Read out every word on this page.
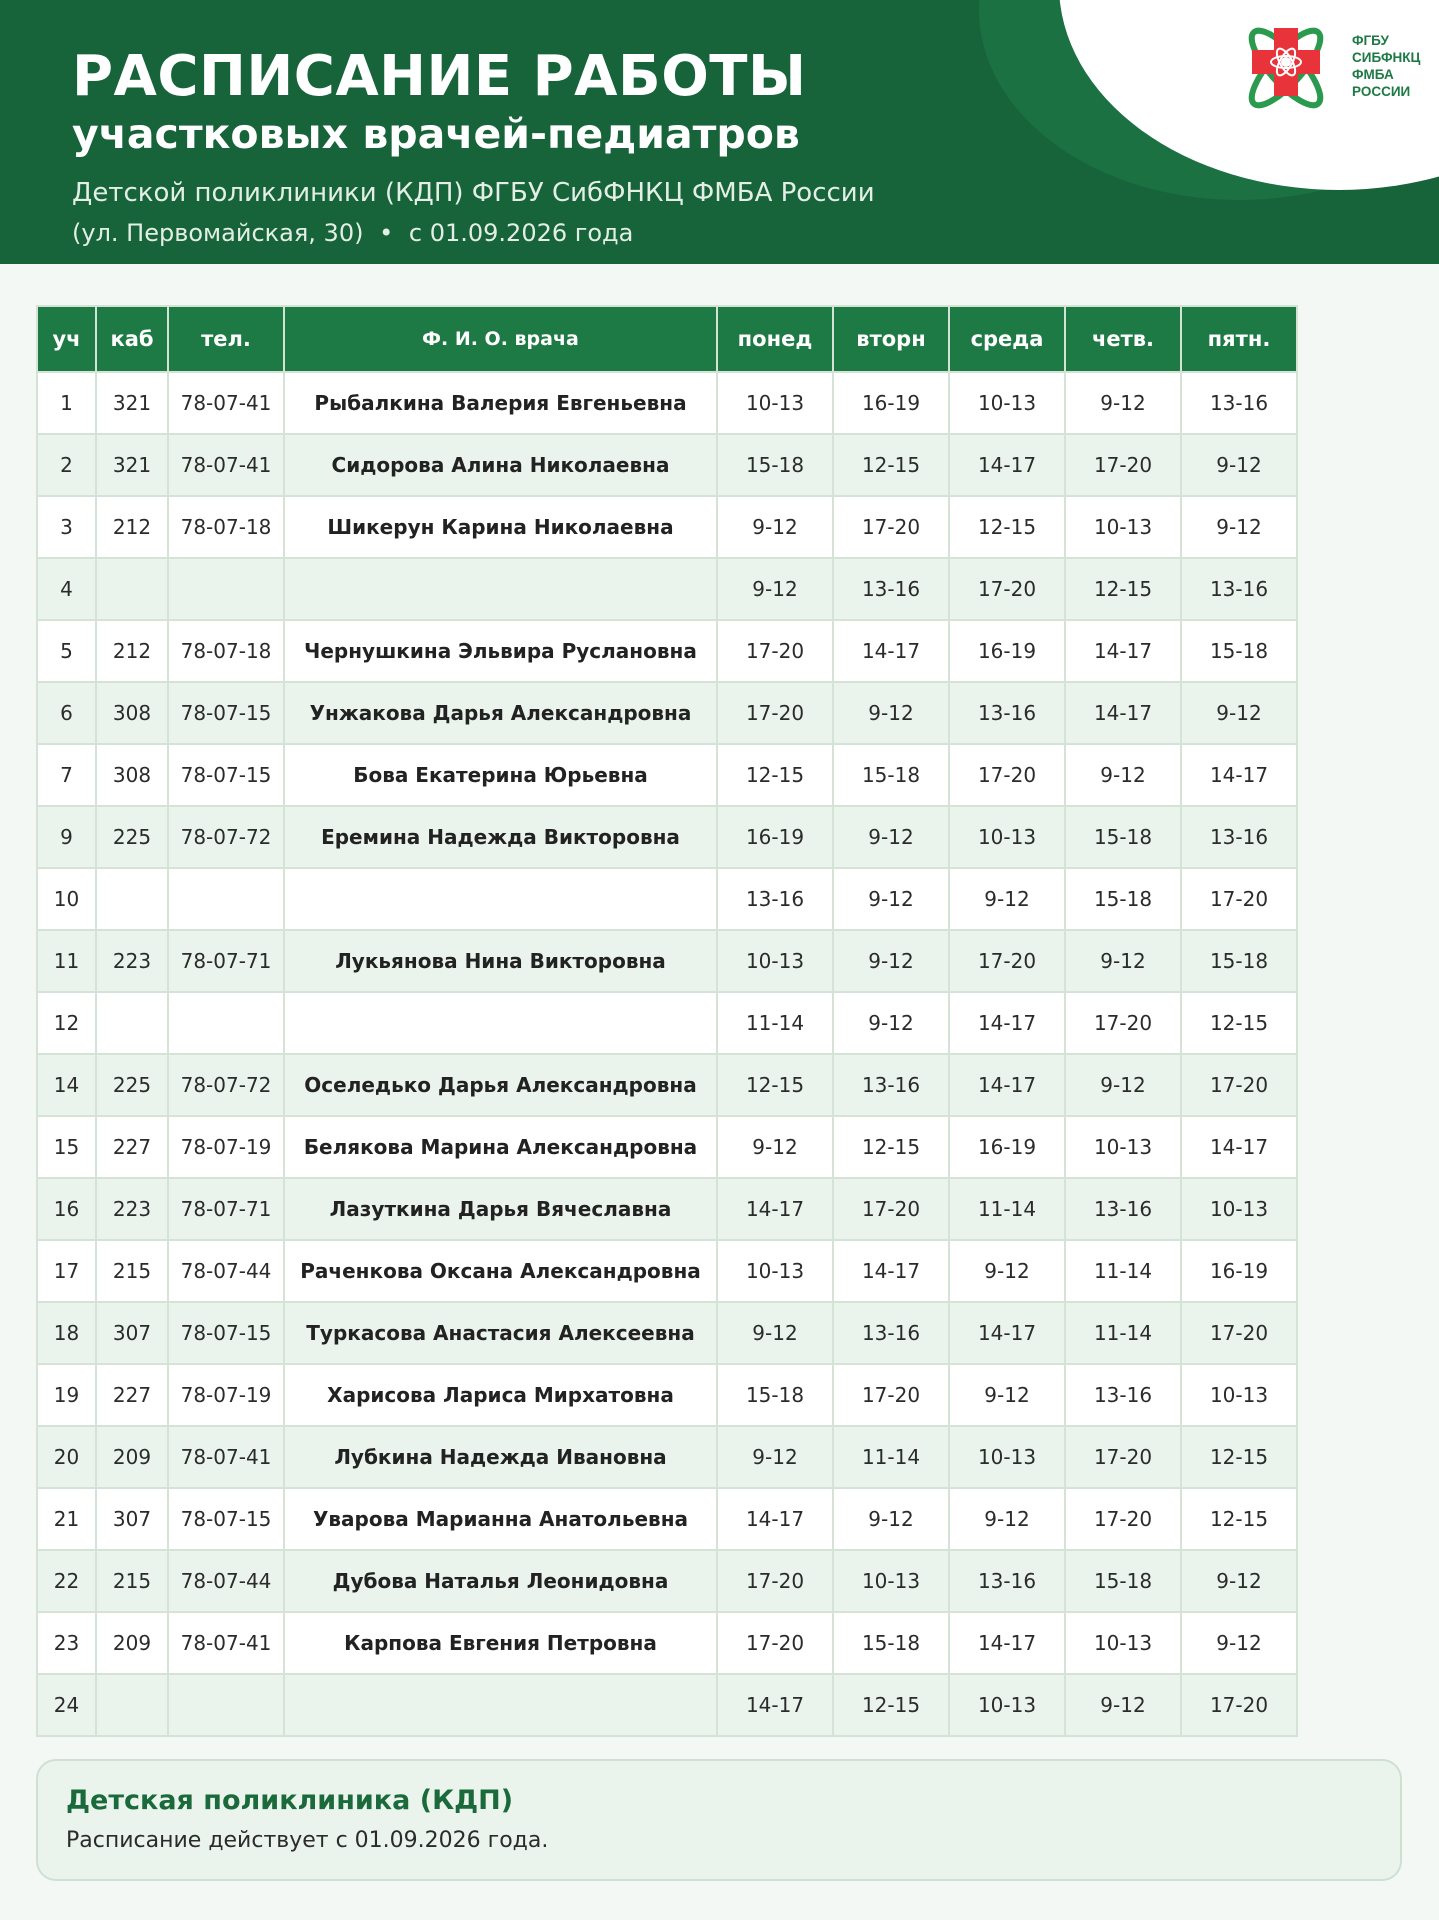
РАСПИСАНИЕ РАБОТЫ
участковых врачей-педиатров
Детской поликлиники (КДП) ФГБУ СибФНКЦ ФМБА России
(ул. Первомайская, 30) • с 01.09.2026 года
ФГБУ
СИБФНКЦ
ФМБА
РОССИИ
уч	каб	тел.	Ф. И. О. врача	понед	вторн	среда	четв.	пятн.
1	321	78-07-41	Рыбалкина Валерия Евгеньевна	10-13	16-19	10-13	9-12	13-16
2	321	78-07-41	Сидорова Алина Николаевна	15-18	12-15	14-17	17-20	9-12
3	212	78-07-18	Шикерун Карина Николаевна	9-12	17-20	12-15	10-13	9-12
4				9-12	13-16	17-20	12-15	13-16
5	212	78-07-18	Чернушкина Эльвира Руслановна	17-20	14-17	16-19	14-17	15-18
6	308	78-07-15	Унжакова Дарья Александровна	17-20	9-12	13-16	14-17	9-12
7	308	78-07-15	Бова Екатерина Юрьевна	12-15	15-18	17-20	9-12	14-17
9	225	78-07-72	Еремина Надежда Викторовна	16-19	9-12	10-13	15-18	13-16
10				13-16	9-12	9-12	15-18	17-20
11	223	78-07-71	Лукьянова Нина Викторовна	10-13	9-12	17-20	9-12	15-18
12				11-14	9-12	14-17	17-20	12-15
14	225	78-07-72	Оселедько Дарья Александровна	12-15	13-16	14-17	9-12	17-20
15	227	78-07-19	Белякова Марина Александровна	9-12	12-15	16-19	10-13	14-17
16	223	78-07-71	Лазуткина Дарья Вячеславна	14-17	17-20	11-14	13-16	10-13
17	215	78-07-44	Раченкова Оксана Александровна	10-13	14-17	9-12	11-14	16-19
18	307	78-07-15	Туркасова Анастасия Алексеевна	9-12	13-16	14-17	11-14	17-20
19	227	78-07-19	Харисова Лариса Мирхатовна	15-18	17-20	9-12	13-16	10-13
20	209	78-07-41	Лубкина Надежда Ивановна	9-12	11-14	10-13	17-20	12-15
21	307	78-07-15	Уварова Марианна Анатольевна	14-17	9-12	9-12	17-20	12-15
22	215	78-07-44	Дубова Наталья Леонидовна	17-20	10-13	13-16	15-18	9-12
23	209	78-07-41	Карпова Евгения Петровна	17-20	15-18	14-17	10-13	9-12
24				14-17	12-15	10-13	9-12	17-20
Детская поликлиника (КДП)
Расписание действует с 01.09.2026 года.
